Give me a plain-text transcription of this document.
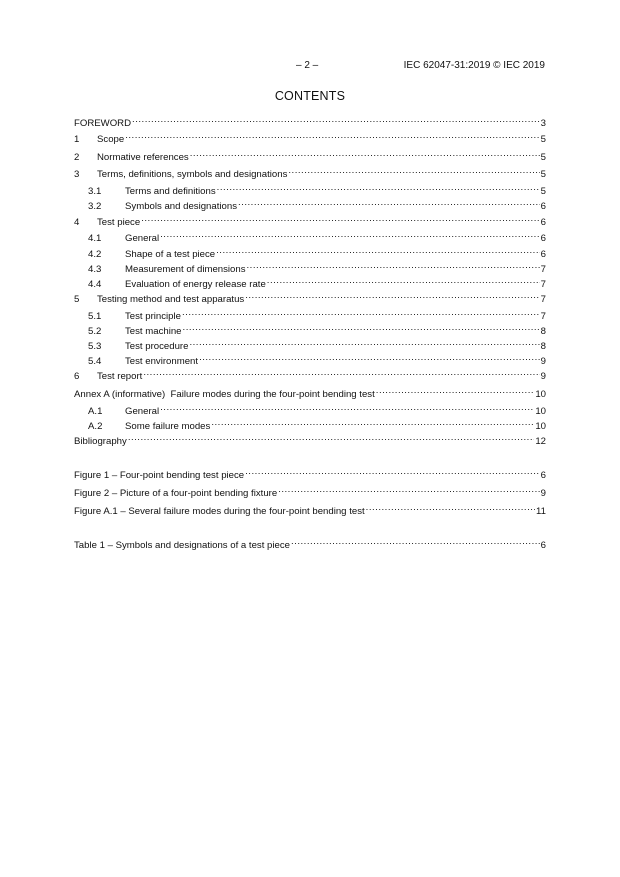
– 2 –	IEC 62047-31:2019 © IEC 2019
CONTENTS
FOREWORD .....	3
1	Scope .....	5
2	Normative references .....	5
3	Terms, definitions, symbols and designations .....	5
3.1	Terms and definitions .....	5
3.2	Symbols and designations .....	6
4	Test piece .....	6
4.1	General .....	6
4.2	Shape of a test piece .....	6
4.3	Measurement of dimensions .....	7
4.4	Evaluation of energy release rate .....	7
5	Testing method and test apparatus .....	7
5.1	Test principle .....	7
5.2	Test machine .....	8
5.3	Test procedure .....	8
5.4	Test environment .....	9
6	Test report .....	9
Annex A (informative)  Failure modes during the four-point bending test .....	10
A.1	General .....	10
A.2	Some failure modes .....	10
Bibliography .....	12
Figure 1 – Four-point bending test piece .....	6
Figure 2 – Picture of a four-point bending fixture .....	9
Figure A.1 – Several failure modes during the four-point bending test .....	11
Table 1 – Symbols and designations of a test piece .....	6
